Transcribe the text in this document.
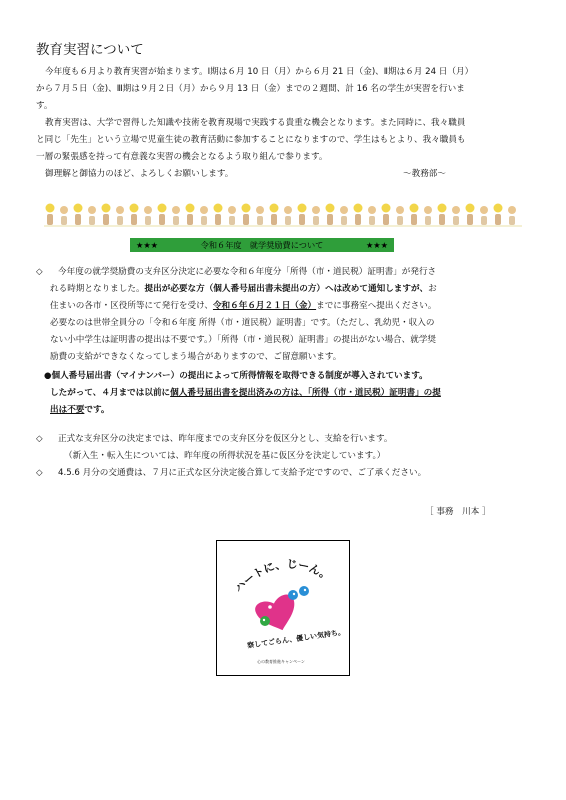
教育実習について
今年度も６月より教育実習が始まります。Ⅰ期は６月 10 日（月）から６月 21 日（金)、Ⅱ期は６月 24 日（月）
から７月５日（金)、Ⅲ期は９月２日（月）から９月 13 日（金）までの２週間、計 16 名の学生が実習を行いま
す。
教育実習は、大学で習得した知識や技術を教育現場で実践する貴重な機会となります。また同時に、我々職員
と同じ「先生」という立場で児童生徒の教育活動に参加することになりますので、学生はもとより、我々職員も
一層の緊張感を持って有意義な実習の機会となるよう取り組んで参ります。
御理解と御協力のほど、よろしくお願いします。	～教務部～
★★★	令和６年度　就学奨励費について	★★★
◇ 今年度の就学奨励費の支弁区分決定に必要な令和６年度分「所得（市・道民税）証明書」が発行さ
れる時期となりました。提出が必要な方（個人番号届出書未提出の方）へは改めて通知しますが、お
住まいの各市・区役所等にて発行を受け、令和６年６月２１日（金）までに事務室へ提出ください。
必要なのは世帯全員分の「令和６年度 所得（市・道民税）証明書」です。（ただし、乳幼児・収入の
ない小中学生は証明書の提出は不要です。）「所得（市・道民税）証明書」の提出がない場合、就学奨
励費の支給ができなくなってしまう場合がありますので、ご留意願います。
●個人番号届出書（マイナンバー）の提出によって所得情報を取得できる制度が導入されています。
したがって、４月までは以前に個人番号届出書を提出済みの方は、「所得（市・道民税）証明書」の提
出は不要です。
◇ 正式な支弁区分の決定までは、昨年度までの支弁区分を仮区分とし、支給を行います。
（新入生・転入生については、昨年度の所得状況を基に仮区分を決定しています。）
◇ 4.5.6 月分の交通費は、７月に正式な区分決定後合算して支給予定ですので、ご了承ください。
［ 事務　川本 ］
ハートに、じーん。
察してごらん、優しい気持ち。
心の教育推進キャンペーン
